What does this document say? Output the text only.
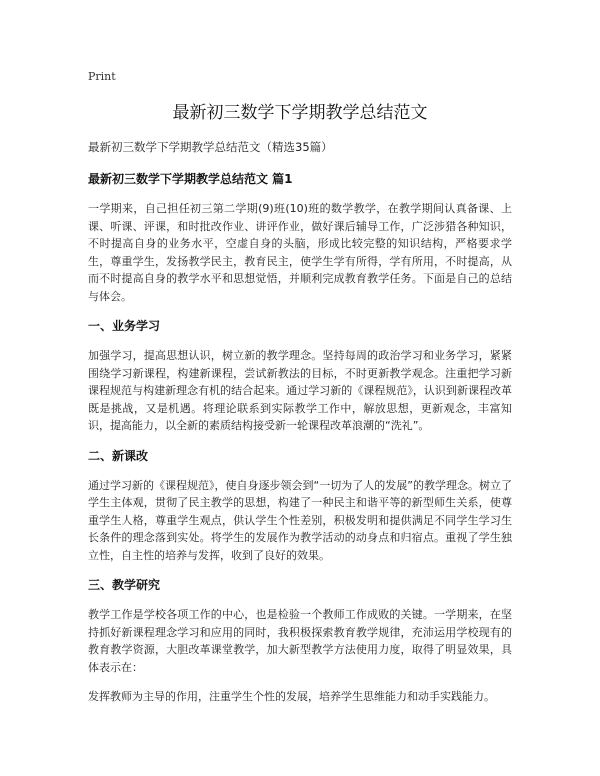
Print
最新初三数学下学期教学总结范文

最新初三数学下学期教学总结范文（精选35篇）

最新初三数学下学期教学总结范文 篇1

一学期来，自己担任初三第二学期(9)班(10)班的数学教学，在教学期间认真备课、上课、听课、评课，和时批改作业、讲评作业，做好课后辅导工作，广泛涉猎各种知识，不时提高自身的业务水平，空虚自身的头脑，形成比较完整的知识结构，严格要求学生，尊重学生，发扬教学民主，教育民主，使学生学有所得，学有所用，不时提高，从而不时提高自身的教学水平和思想觉悟，并顺利完成教育教学任务。下面是自己的总结与体会。

一、业务学习

加强学习，提高思想认识，树立新的教学理念。坚持每周的政治学习和业务学习，紧紧围绕学习新课程，构建新课程，尝试新教法的目标，不时更新教学观念。注重把学习新课程规范与构建新理念有机的结合起来。通过学习新的《课程规范》，认识到新课程改革既是挑战，又是机遇。将理论联系到实际教学工作中，解放思想，更新观念，丰富知识，提高能力，以全新的素质结构接受新一轮课程改革浪潮的“洗礼”。

二、新课改

通过学习新的《课程规范》，使自身逐步领会到“一切为了人的发展”的教学理念。树立了学生主体观，贯彻了民主教学的思想，构建了一种民主和谐平等的新型师生关系，使尊重学生人格，尊重学生观点，供认学生个性差别，积极发明和提供满足不同学生学习生长条件的理念落到实处。将学生的发展作为教学活动的动身点和归宿点。重视了学生独立性，自主性的培养与发挥，收到了良好的效果。

三、教学研究

教学工作是学校各项工作的中心，也是检验一个教师工作成败的关键。一学期来，在坚持抓好新课程理念学习和应用的同时，我积极探索教育教学规律，充沛运用学校现有的教育教学资源，大胆改革课堂教学，加大新型教学方法使用力度，取得了明显效果，具体表示在：

发挥教师为主导的作用，注重学生个性的发展，培养学生思维能力和动手实践能力。
